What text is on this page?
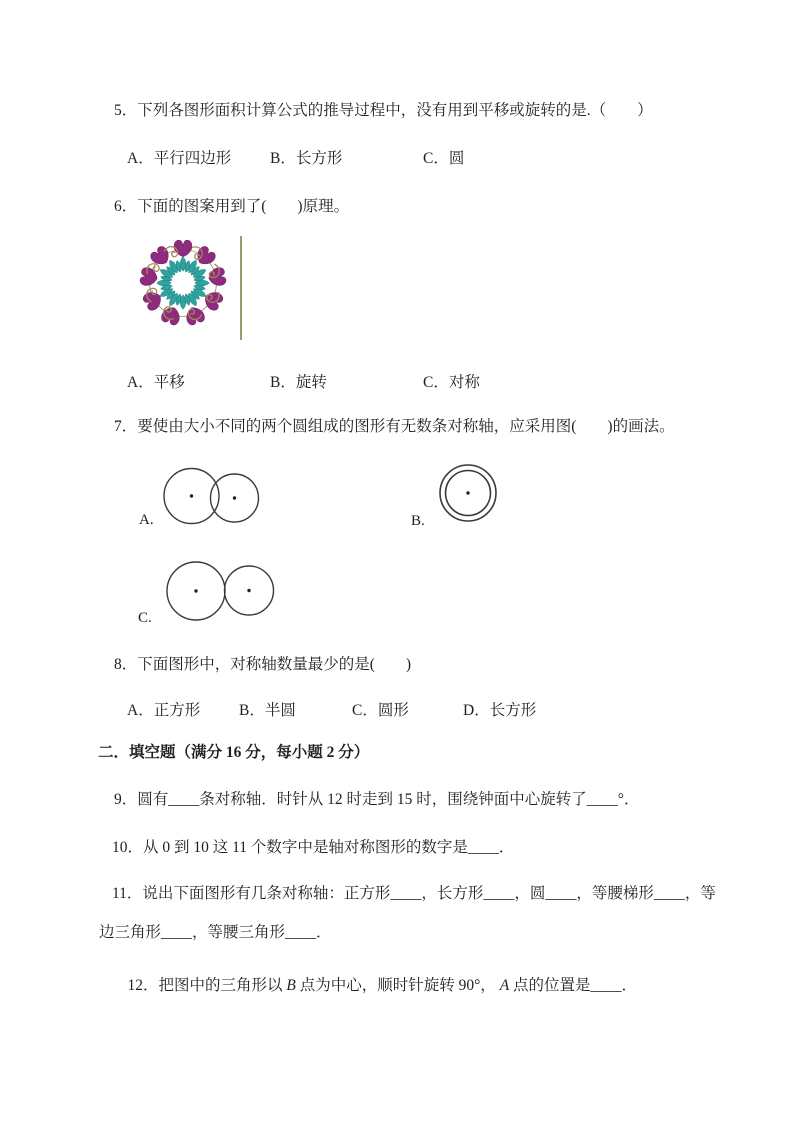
5．下列各图形面积计算公式的推导过程中，没有用到平移或旋转的是.（　　）
A．平行四边形	B．长方形	C．圆
6．下面的图案用到了(　　)原理。
A．平移	B．旋转	C．对称
7．要使由大小不同的两个圆组成的图形有无数条对称轴，应采用图(　　)的画法。
A.	B.
C.
8．下面图形中，对称轴数量最少的是(　　)
A．正方形	B．半圆	C．圆形	D．长方形
二．填空题（满分 16 分，每小题 2 分）
9．圆有____条对称轴．时针从 12 时走到 15 时，围绕钟面中心旋转了____°．
10．从 0 到 10 这 11 个数字中是轴对称图形的数字是____．
11．说出下面图形有几条对称轴：正方形____，长方形____，圆____，等腰梯形____，等边三角形____，等腰三角形____．

12．把图中的三角形以 B 点为中心，顺时针旋转 90°， A 点的位置是____．
